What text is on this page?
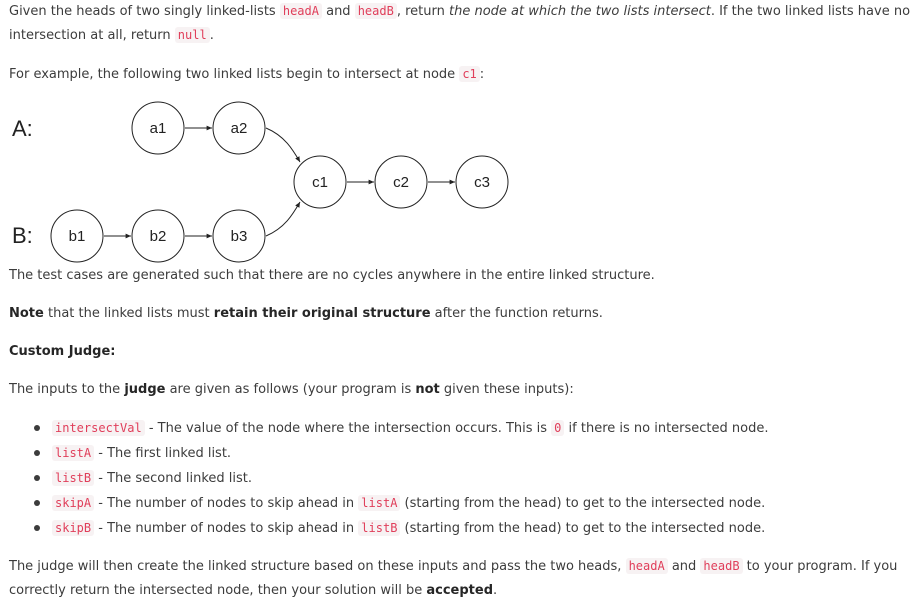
Given the heads of two singly linked-lists headA and headB , return the node at which the two lists intersect. If the two linked lists have no

intersection at all, return null .

For example, the following two linked lists begin to intersect at node c1 :

A:
B:
a1	a2
b1	b2	b3
c1	c2	c3

The test cases are generated such that there are no cycles anywhere in the entire linked structure.

Note that the linked lists must retain their original structure after the function returns.

Custom Judge:

The inputs to the judge are given as follows (your program is not given these inputs):

intersectVal - The value of the node where the intersection occurs. This is 0 if there is no intersected node.
listA - The first linked list.
listB - The second linked list.
skipA - The number of nodes to skip ahead in listA (starting from the head) to get to the intersected node.
skipB - The number of nodes to skip ahead in listB (starting from the head) to get to the intersected node.

The judge will then create the linked structure based on these inputs and pass the two heads, headA and headB to your program. If you

correctly return the intersected node, then your solution will be accepted.
